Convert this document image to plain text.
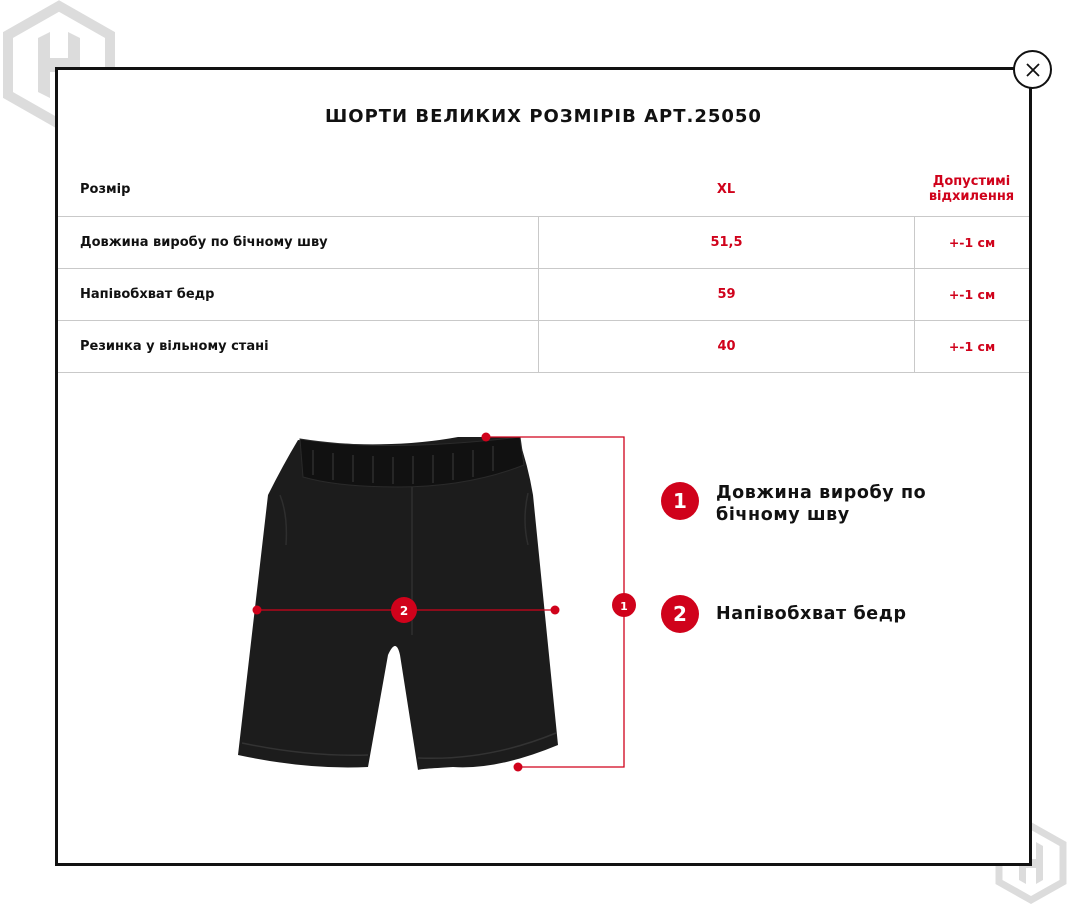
ШОРТИ ВЕЛИКИХ РОЗМІРІВ АРТ.25050
Розмір	XL	Допустимі відхилення
Довжина виробу по бічному шву	51,5	+-1 см
Напівобхват бедр	59	+-1 см
Резинка у вільному стані	40	+-1 см
1
2
1	Довжина виробу по бічному шву
2	Напівобхват бедр
